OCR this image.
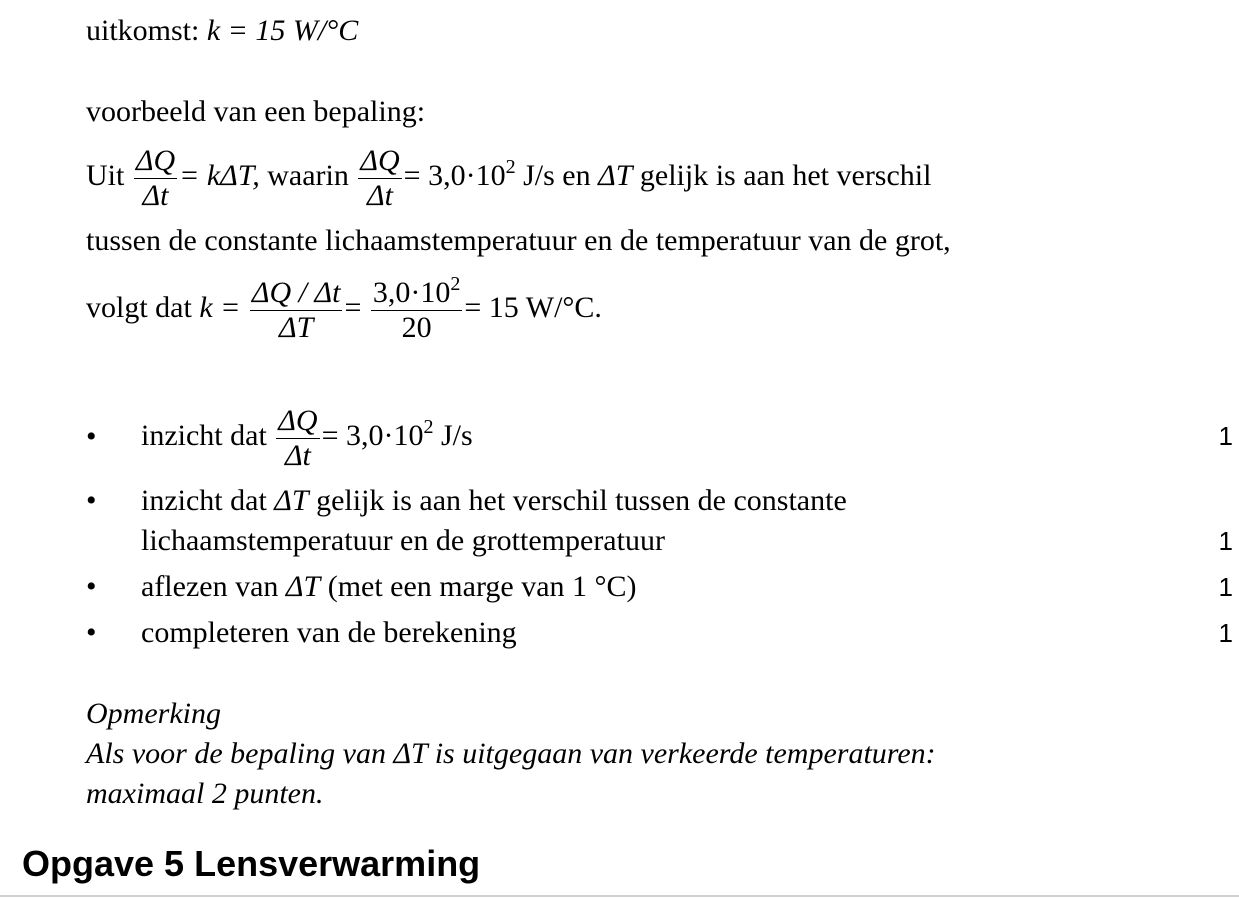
uitkomst: k = 15 W/°C
voorbeeld van een bepaling:
Uit $\frac{\Delta Q}{\Delta t} = k\Delta T$, waarin $\frac{\Delta Q}{\Delta t} = 3,0\cdot 10^2$ J/s en ΔT gelijk is aan het verschil
tussen de constante lichaamstemperatuur en de temperatuur van de grot,
volgt dat $k = \frac{\Delta Q / \Delta t}{\Delta T} = \frac{3,0\cdot 10^2}{20} = 15$ W/°C.
• inzicht dat $\frac{\Delta Q}{\Delta t} = 3,0\cdot 10^2$ J/s	1
• inzicht dat ΔT gelijk is aan het verschil tussen de constante
lichaamstemperatuur en de grottemperatuur	1
• aflezen van ΔT (met een marge van 1 °C)	1
• completeren van de berekening	1
Opmerking
Als voor de bepaling van ΔT is uitgegaan van verkeerde temperaturen:
maximaal 2 punten.
Opgave 5 Lensverwarming
